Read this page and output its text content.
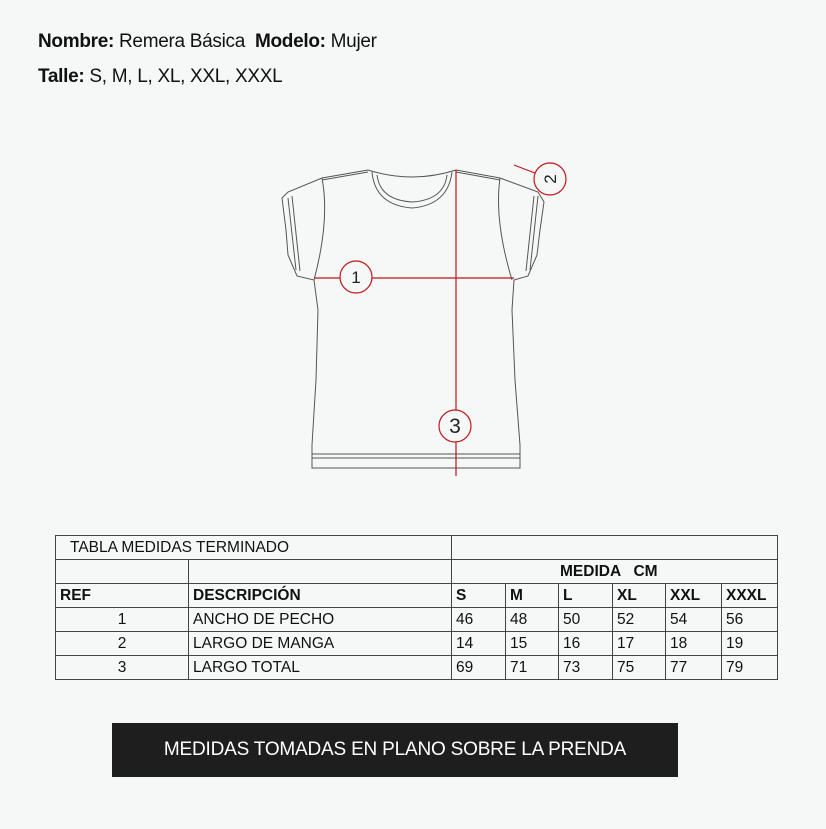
Nombre: Remera Básica Modelo: Mujer
Talle: S, M, L, XL, XXL, XXXL
1
2
3
TABLA MEDIDAS TERMINADO							
		MEDIDA   CM					
REF	DESCRIPCIÓN	S	M	L	XL	XXL	XXXL
1	ANCHO DE PECHO	46	48	50	52	54	56
2	LARGO DE MANGA	14	15	16	17	18	19
3	LARGO TOTAL	69	71	73	75	77	79
MEDIDAS TOMADAS EN PLANO SOBRE LA PRENDA
